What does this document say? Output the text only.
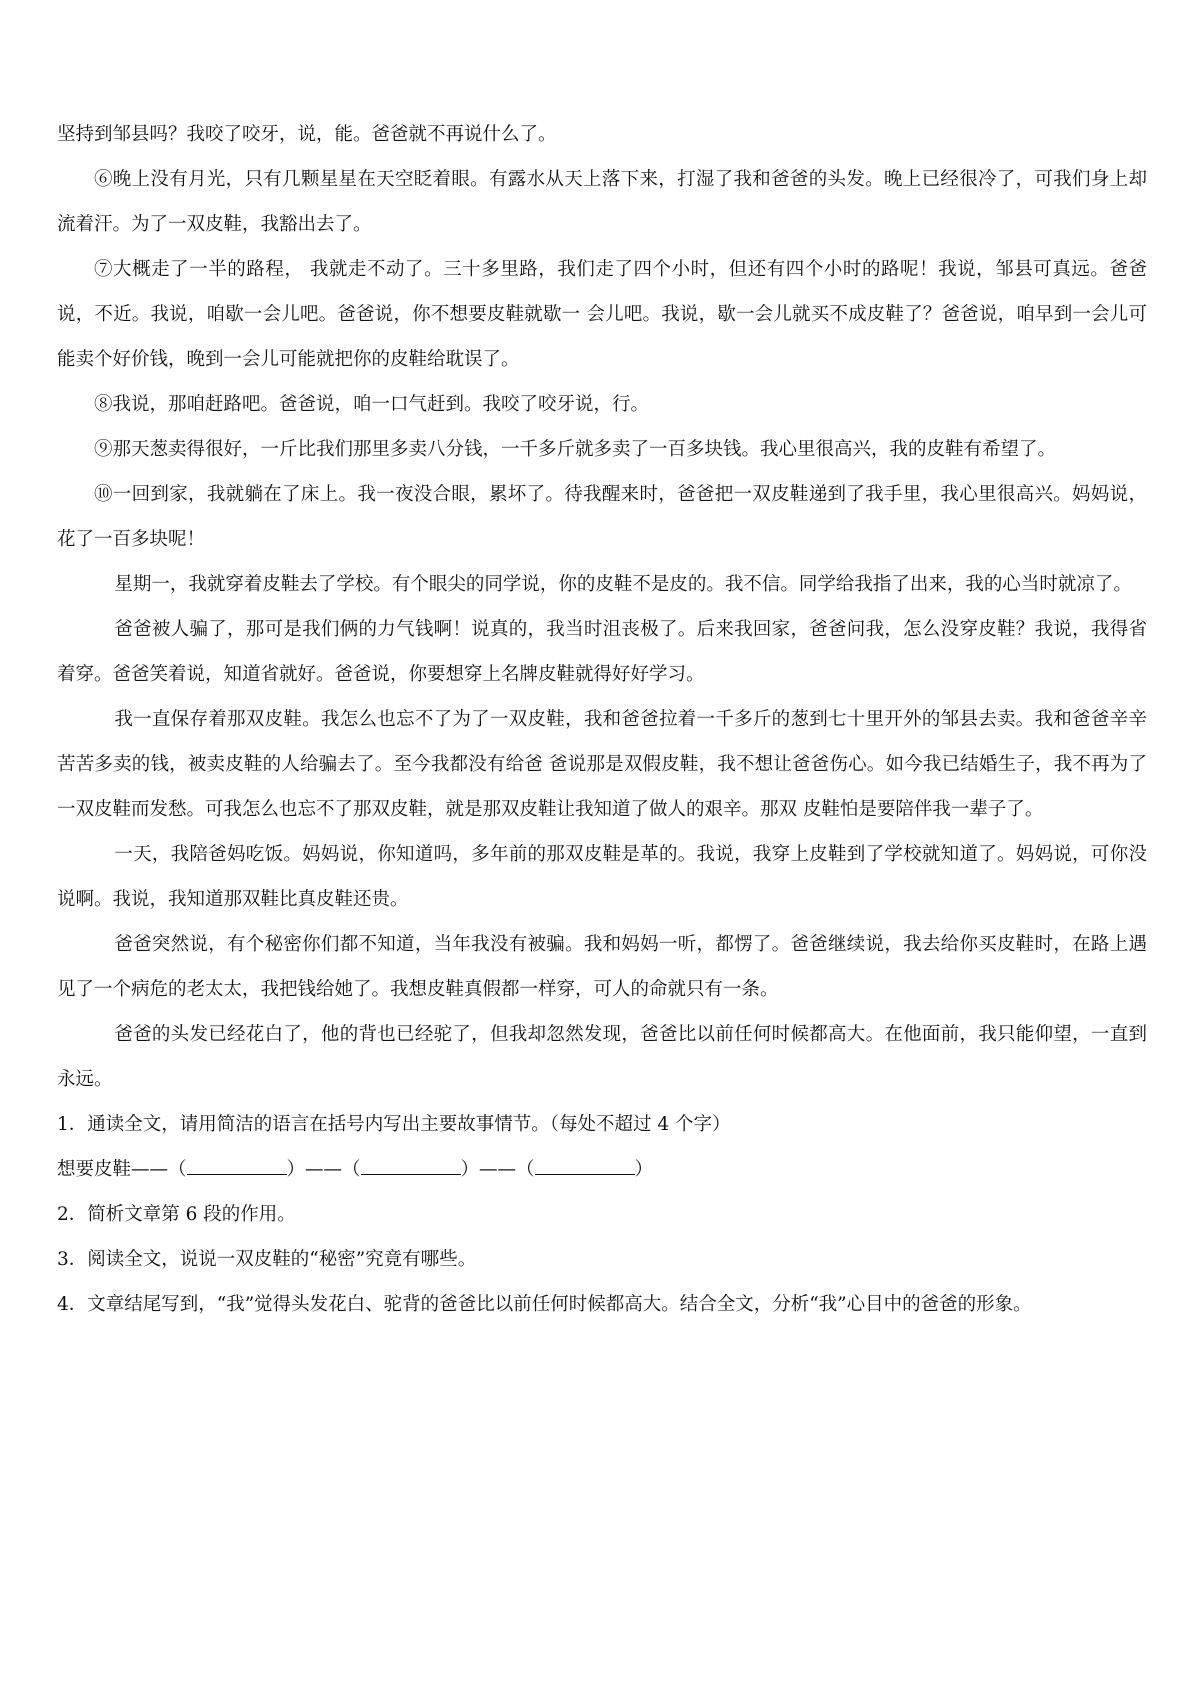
坚持到邹县吗？我咬了咬牙，说，能。爸爸就不再说什么了。

⑥晚上没有月光，只有几颗星星在天空眨着眼。有露水从天上落下来，打湿了我和爸爸的头发。晚上已经很冷了，可我们身上却流着汗。为了一双皮鞋，我豁出去了。

⑦大概走了一半的路程， 我就走不动了。三十多里路，我们走了四个小时，但还有四个小时的路呢！我说，邹县可真远。爸爸说，不近。我说，咱歇一会儿吧。爸爸说，你不想要皮鞋就歇一 会儿吧。我说，歇一会儿就买不成皮鞋了？爸爸说，咱早到一会儿可能卖个好价钱，晚到一会儿可能就把你的皮鞋给耽误了。

⑧我说，那咱赶路吧。爸爸说，咱一口气赶到。我咬了咬牙说，行。

⑨那天葱卖得很好，一斤比我们那里多卖八分钱，一千多斤就多卖了一百多块钱。我心里很高兴，我的皮鞋有希望了。

⑩一回到家，我就躺在了床上。我一夜没合眼，累坏了。待我醒来时，爸爸把一双皮鞋递到了我手里，我心里很高兴。妈妈说，花了一百多块呢！

星期一，我就穿着皮鞋去了学校。有个眼尖的同学说，你的皮鞋不是皮的。我不信。同学给我指了出来，我的心当时就凉了。

爸爸被人骗了，那可是我们俩的力气钱啊！说真的，我当时沮丧极了。后来我回家，爸爸问我，怎么没穿皮鞋？我说，我得省着穿。爸爸笑着说，知道省就好。爸爸说，你要想穿上名牌皮鞋就得好好学习。

我一直保存着那双皮鞋。我怎么也忘不了为了一双皮鞋，我和爸爸拉着一千多斤的葱到七十里开外的邹县去卖。我和爸爸辛辛苦苦多卖的钱，被卖皮鞋的人给骗去了。至今我都没有给爸 爸说那是双假皮鞋，我不想让爸爸伤心。如今我已结婚生子，我不再为了一双皮鞋而发愁。可我怎么也忘不了那双皮鞋，就是那双皮鞋让我知道了做人的艰辛。那双 皮鞋怕是要陪伴我一辈子了。

一天，我陪爸妈吃饭。妈妈说，你知道吗，多年前的那双皮鞋是革的。我说，我穿上皮鞋到了学校就知道了。妈妈说，可你没说啊。我说，我知道那双鞋比真皮鞋还贵。

爸爸突然说，有个秘密你们都不知道，当年我没有被骗。我和妈妈一听，都愣了。爸爸继续说，我去给你买皮鞋时，在路上遇见了一个病危的老太太，我把钱给她了。我想皮鞋真假都一样穿，可人的命就只有一条。

爸爸的头发已经花白了，他的背也已经驼了，但我却忽然发现，爸爸比以前任何时候都高大。在他面前，我只能仰望，一直到永远。

1．通读全文，请用简洁的语言在括号内写出主要故事情节。（每处不超过 4 个字）

想要皮鞋——（	）——（	）——（	）

2．简析文章第 6 段的作用。

3．阅读全文，说说一双皮鞋的“秘密”究竟有哪些。

4．文章结尾写到，“我”觉得头发花白、驼背的爸爸比以前任何时候都高大。结合全文，分析“我”心目中的爸爸的形象。
